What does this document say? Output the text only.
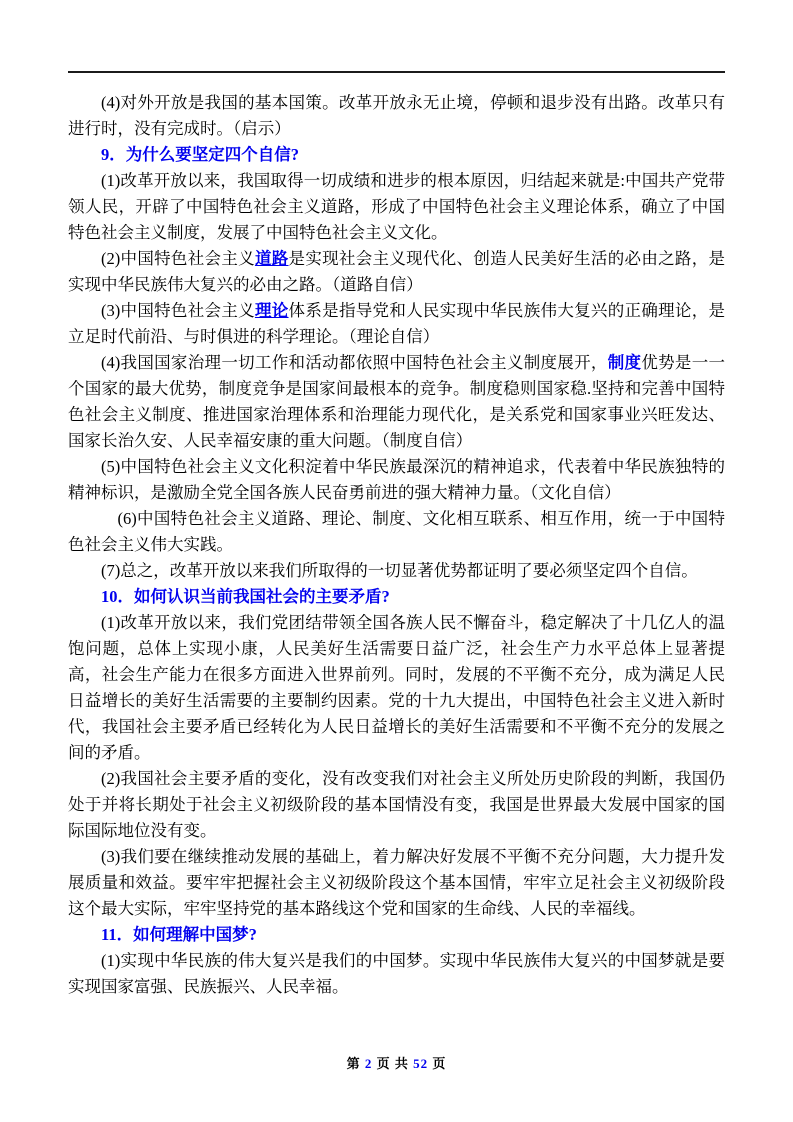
(4)对外开放是我国的基本国策。改革开放永无止境，停顿和退步没有出路。改革只有进行时，没有完成时。（启示）

9．为什么要坚定四个自信?

(1)改革开放以来，我国取得一切成绩和进步的根本原因，归结起来就是:中国共产党带领人民，开辟了中国特色社会主义道路，形成了中国特色社会主义理论体系，确立了中国特色社会主义制度，发展了中国特色社会主义文化。

(2)中国特色社会主义道路是实现社会主义现代化、创造人民美好生活的必由之路，是实现中华民族伟大复兴的必由之路。（道路自信）

(3)中国特色社会主义理论体系是指导党和人民实现中华民族伟大复兴的正确理论，是立足时代前沿、与时俱进的科学理论。（理论自信）

(4)我国国家治理一切工作和活动都依照中国特色社会主义制度展开，制度优势是一一个国家的最大优势，制度竞争是国家间最根本的竞争。制度稳则国家稳.坚持和完善中国特色社会主义制度、推进国家治理体系和治理能力现代化，是关系党和国家事业兴旺发达、国家长治久安、人民幸福安康的重大问题。（制度自信）

(5)中国特色社会主义文化积淀着中华民族最深沉的精神追求，代表着中华民族独特的精神标识，是激励全党全国各族人民奋勇前进的强大精神力量。（文化自信）

(6)中国特色社会主义道路、理论、制度、文化相互联系、相互作用，统一于中国特色社会主义伟大实践。

(7)总之，改革开放以来我们所取得的一切显著优势都证明了要必须坚定四个自信。

10．如何认识当前我国社会的主要矛盾?

(1)改革开放以来，我们党团结带领全国各族人民不懈奋斗，稳定解决了十几亿人的温饱问题，总体上实现小康，人民美好生活需要日益广泛，社会生产力水平总体上显著提高，社会生产能力在很多方面进入世界前列。同时，发展的不平衡不充分，成为满足人民日益增长的美好生活需要的主要制约因素。党的十九大提出，中国特色社会主义进入新时代，我国社会主要矛盾已经转化为人民日益增长的美好生活需要和不平衡不充分的发展之间的矛盾。

(2)我国社会主要矛盾的变化，没有改变我们对社会主义所处历史阶段的判断，我国仍处于并将长期处于社会主义初级阶段的基本国情没有变，我国是世界最大发展中国家的国际国际地位没有变。

(3)我们要在继续推动发展的基础上，着力解决好发展不平衡不充分问题，大力提升发展质量和效益。要牢牢把握社会主义初级阶段这个基本国情，牢牢立足社会主义初级阶段这个最大实际，牢牢坚持党的基本路线这个党和国家的生命线、人民的幸福线。

11．如何理解中国梦?

(1)实现中华民族的伟大复兴是我们的中国梦。实现中华民族伟大复兴的中国梦就是要实现国家富强、民族振兴、人民幸福。

第 2 页 共 52 页
